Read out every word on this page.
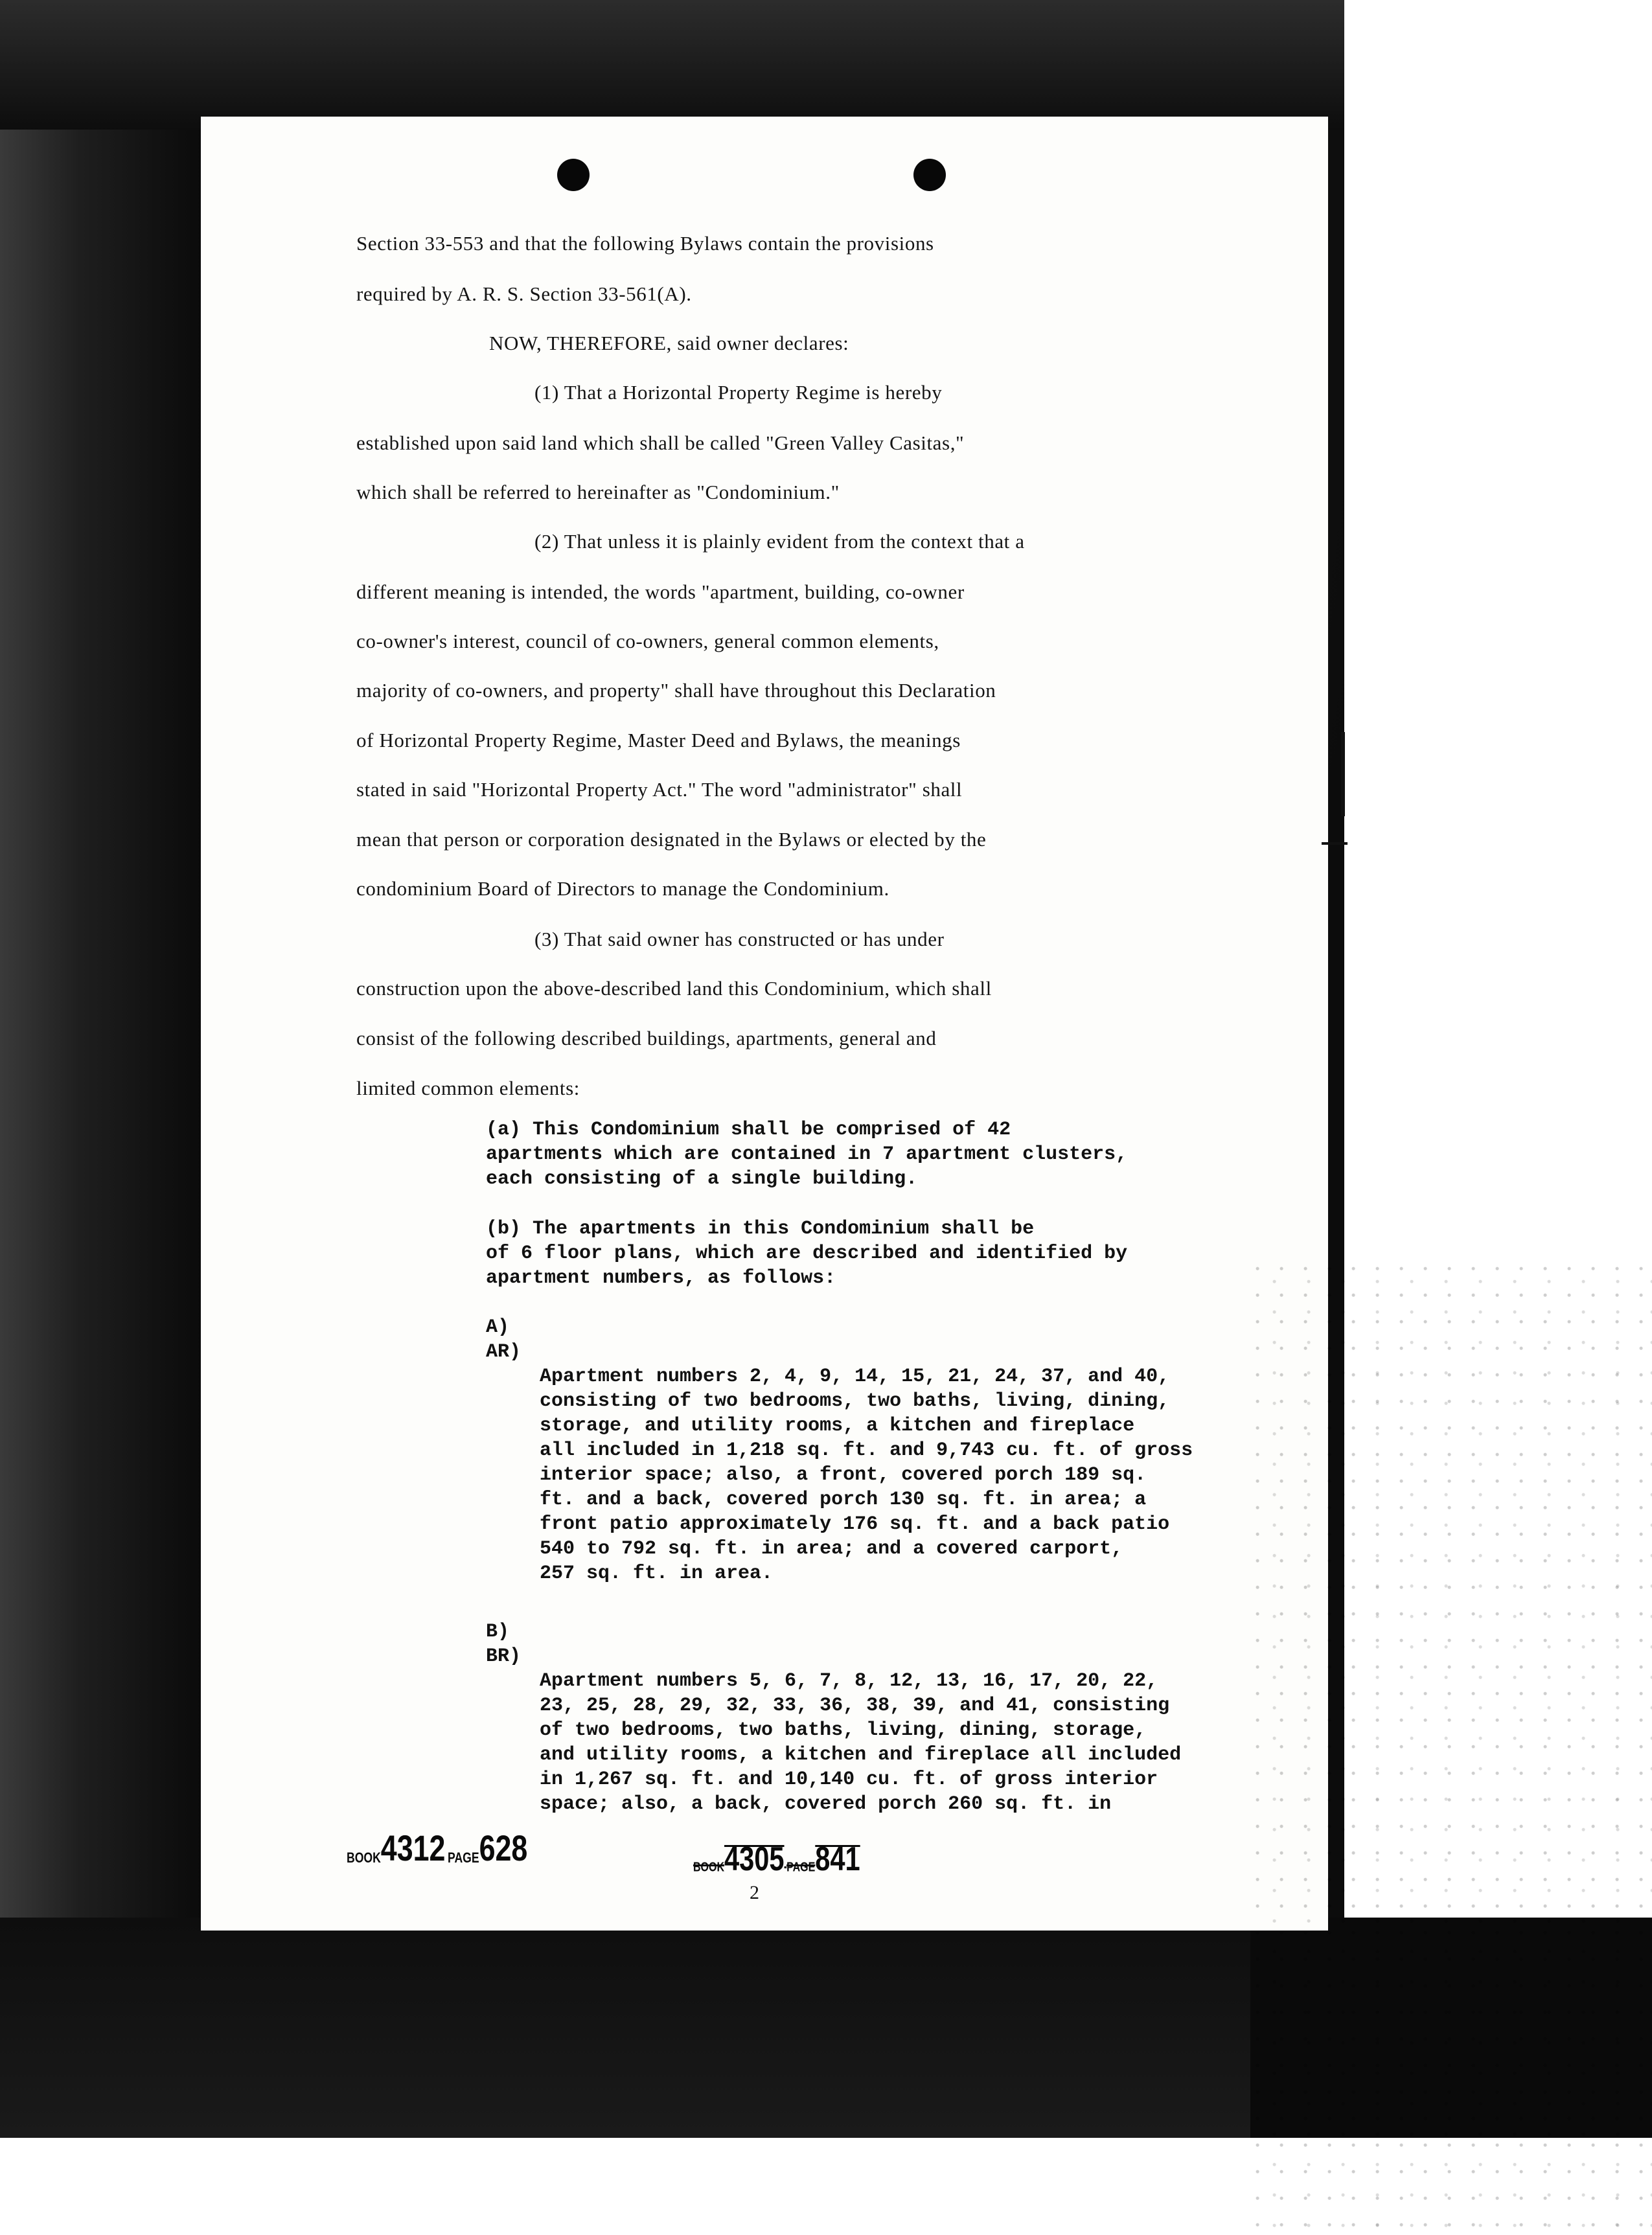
Section 33-553 and that the following Bylaws contain the provisions
required by A. R. S. Section 33-561(A).
NOW, THEREFORE, said owner declares:
(1) That a Horizontal Property Regime is hereby
established upon said land which shall be called "Green Valley Casitas,"
which shall be referred to hereinafter as "Condominium."
(2) That unless it is plainly evident from the context that a
different meaning is intended, the words "apartment, building, co-owner
co-owner's interest, council of co-owners, general common elements,
majority of co-owners, and property" shall have throughout this Declaration
of Horizontal Property Regime, Master Deed and Bylaws, the meanings
stated in said "Horizontal Property Act." The word "administrator" shall
mean that person or corporation designated in the Bylaws or elected by the
condominium Board of Directors to manage the Condominium.
(3) That said owner has constructed or has under
construction upon the above-described land this Condominium, which shall
consist of the following described buildings, apartments, general and
limited common elements:
(a) This Condominium shall be comprised of 42
apartments which are contained in 7 apartment clusters,
each consisting of a single building.
(b) The apartments in this Condominium shall be
of 6 floor plans, which are described and identified by
apartment numbers, as follows:
A)
AR)
Apartment numbers 2, 4, 9, 14, 15, 21, 24, 37, and 40,
consisting of two bedrooms, two baths, living, dining,
storage, and utility rooms, a kitchen and fireplace
all included in 1,218 sq. ft. and 9,743 cu. ft. of gross
interior space; also, a front, covered porch 189 sq.
ft. and a back, covered porch 130 sq. ft. in area; a
front patio approximately 176 sq. ft. and a back patio
540 to 792 sq. ft. in area; and a covered carport,
257 sq. ft. in area.
B)
BR)
Apartment numbers 5, 6, 7, 8, 12, 13, 16, 17, 20, 22,
23, 25, 28, 29, 32, 33, 36, 38, 39, and 41, consisting
of two bedrooms, two baths, living, dining, storage,
and utility rooms, a kitchen and fireplace all included
in 1,267 sq. ft. and 10,140 cu. ft. of gross interior
space; also, a back, covered porch 260 sq. ft. in
BOOK4312 PAGE628	BOOK4305 PAGE841
2
